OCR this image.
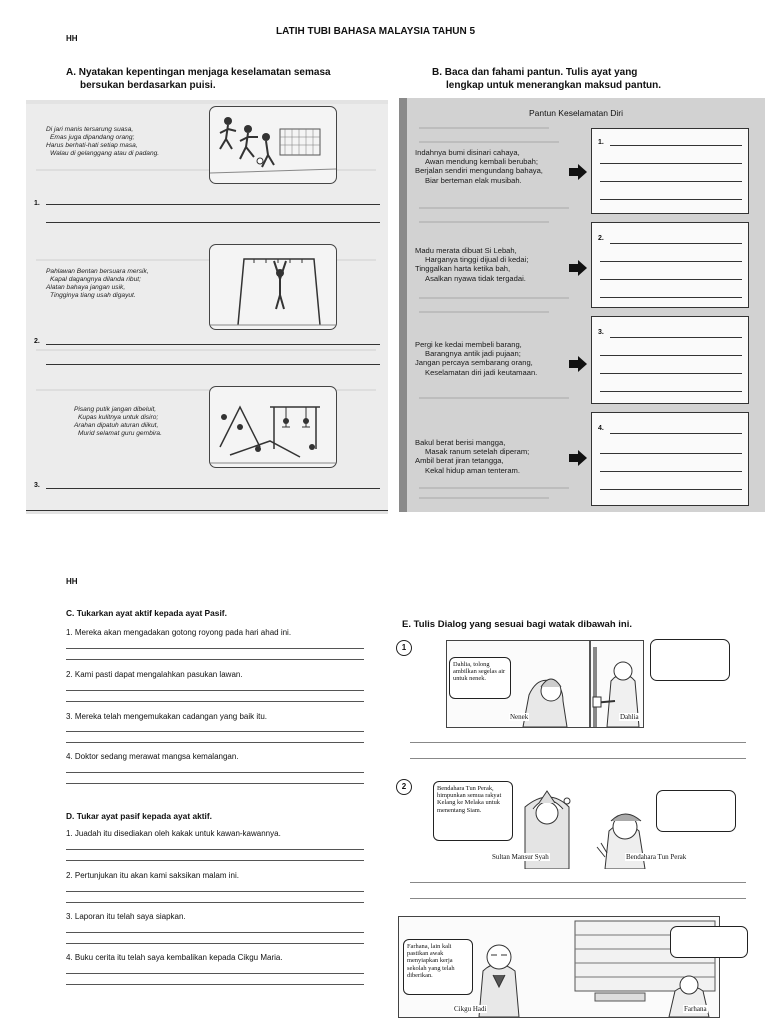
HH
LATIH TUBI BAHASA MALAYSIA TAHUN 5
A. Nyatakan kepentingan menjaga keselamatan semasa
bersukan berdasarkan puisi.
B. Baca dan fahami pantun. Tulis ayat yang
lengkap untuk menerangkan maksud pantun.
Di jari manis tersarung suasa,
Emas juga dipandang orang;
Harus berhati-hati setiap masa,
Walau di gelanggang atau di padang.
1.
Pahlawan Bentan bersuara mersik,
Kapal dagangnya dilanda ribut;
Alatan bahaya jangan usik,
Tingginya tiang usah digayut.
2.
Pisang putik jangan dibeluit,
Kupas kulitnya untuk disiro;
Arahan dipatuh aturan diikut,
Murid selamat guru gembira.
3.
Pantun Keselamatan Diri
Indahnya bumi disinari cahaya,
Awan mendung kembali berubah;
Berjalan sendiri mengundang bahaya,
Biar berteman elak musibah.
Madu merata dibuat Si Lebah,
Harganya tinggi dijual di kedai;
Tinggalkan harta ketika bah,
Asalkan nyawa tidak tergadai.
Pergi ke kedai membeli barang,
Barangnya antik jadi pujaan;
Jangan percaya sembarang orang,
Keselamatan diri jadi keutamaan.
Bakul berat berisi mangga,
Masak ranum setelah diperam;
Ambil berat jiran tetangga,
Kekal hidup aman tenteram.
1.
2.
3.
4.
HH
C. Tukarkan ayat aktif kepada ayat Pasif.
1. Mereka akan mengadakan gotong royong pada hari ahad ini.
2. Kami pasti dapat mengalahkan pasukan lawan.
3. Mereka telah mengemukakan cadangan yang baik itu.
4. Doktor sedang merawat mangsa kemalangan.
D. Tukar ayat pasif kepada ayat aktif.
1. Juadah itu disediakan oleh kakak untuk kawan-kawannya.
2. Pertunjukan itu akan kami saksikan malam ini.
3. Laporan itu telah saya siapkan.
4. Buku cerita itu telah saya kembalikan kepada Cikgu Maria.
E. Tulis Dialog yang sesuai bagi watak dibawah ini.
1
Dahlia, tolong ambilkan segelas air untuk nenek.
Nenek	Dahlia
2	Bendahara Tun Perak, himpunkan semua rakyat Kelang ke Melaka untuk menentang Siam.
Sultan Mansur Syah	Bendahara Tun Perak
Farhana, lain kali pastikan awak menyiapkan kerja sekolah yang telah diberikan.
Cikgu Hadi	Farhana
